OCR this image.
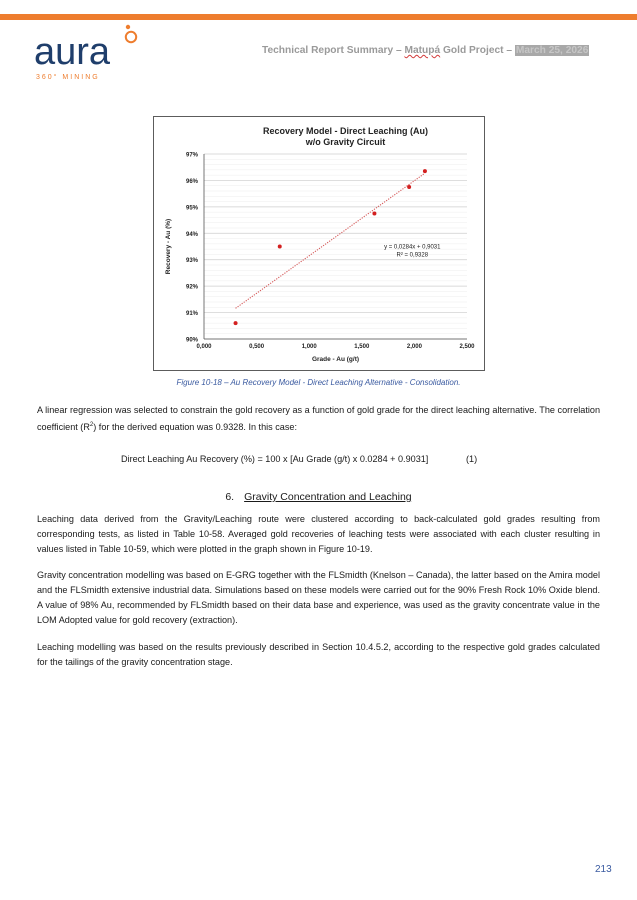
aura
360° MINING
Technical Report Summary – Matupá Gold Project – March 25, 2026
90%
91%
92%
93%
94%
95%
96%
97%
0,000	0,500	1,000	1,500	2,000	2,500
Recovery Model - Direct Leaching (Au)
w/o Gravity Circuit
Grade - Au (g/t)
Recovery - Au (%)	y = 0,0284x + 0,9031
R² = 0,9328
Figure 10-18 – Au Recovery Model - Direct Leaching Alternative - Consolidation.
A linear regression was selected to constrain the gold recovery as a function of gold grade for the direct leaching alternative. The correlation coefficient $(R^2)$ for the derived equation was 0.9328. In this case:
Direct Leaching Au Recovery (%) = 100 x [Au Grade (g/t) x 0.0284 + 0.9031]	(1)
6. Gravity Concentration and Leaching
Leaching data derived from the Gravity/Leaching route were clustered according to back-calculated gold grades resulting from corresponding tests, as listed in Table 10-58. Averaged gold recoveries of leaching tests were associated with each cluster resulting in values listed in Table 10-59, which were plotted in the graph shown in Figure 10-19.
Gravity concentration modelling was based on E-GRG together with the FLSmidth (Knelson – Canada), the latter based on the Amira model and the FLSmidth extensive industrial data. Simulations based on these models were carried out for the 90% Fresh Rock 10% Oxide blend. A value of 98% Au, recommended by FLSmidth based on their data base and experience, was used as the gravity concentrate value in the LOM Adopted value for gold recovery (extraction).
Leaching modelling was based on the results previously described in Section 10.4.5.2, according to the respective gold grades calculated for the tailings of the gravity concentration stage.
213
